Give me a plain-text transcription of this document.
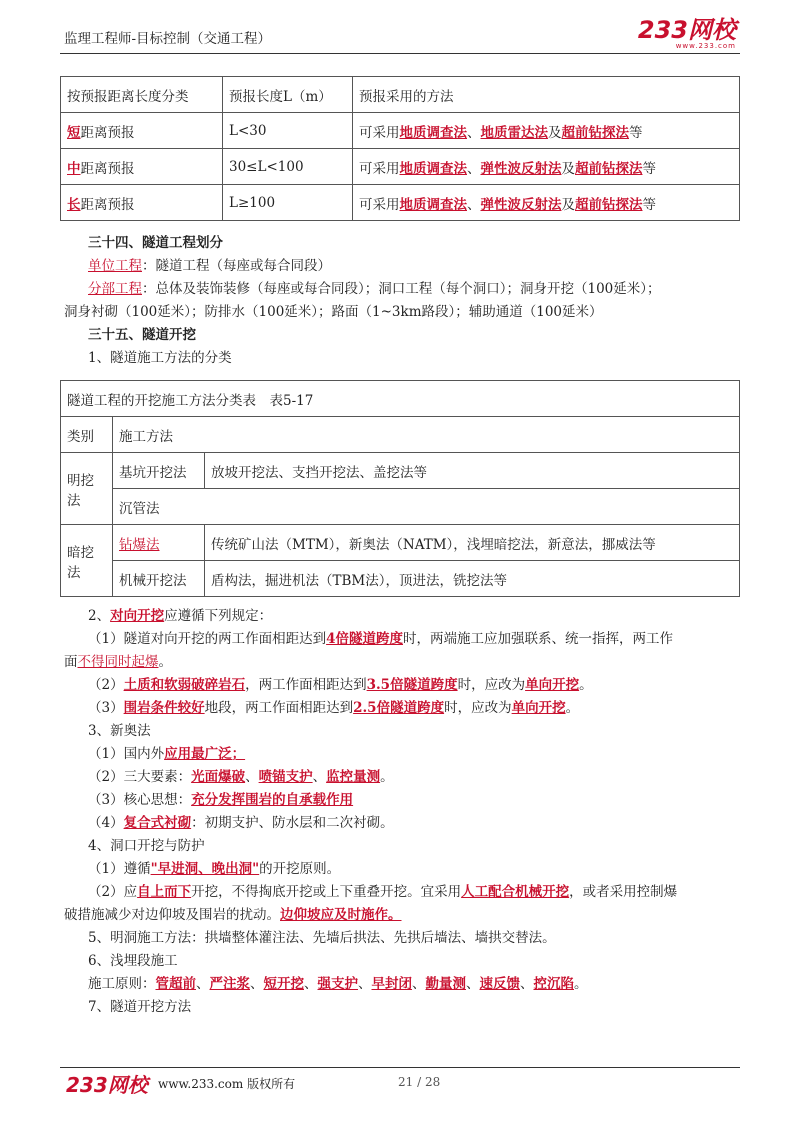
监理工程师-目标控制（交通工程）	233网校
www.233.com
按预报距离长度分类	预报长度L（m）	预报采用的方法
短距离预报	L<30	可采用地质调查法、地质雷达法及超前钻探法等
中距离预报	30≤L<100	可采用地质调查法、弹性波反射法及超前钻探法等
长距离预报	L≥100	可采用地质调查法、弹性波反射法及超前钻探法等
三十四、隧道工程划分
单位工程：隧道工程（每座或每合同段）
分部工程：总体及装饰装修（每座或每合同段）；洞口工程（每个洞口）；洞身开挖（100延米）；
洞身衬砌（100延米）；防排水（100延米）；路面（1~3km路段）；辅助通道（100延米）
三十五、隧道开挖
1、隧道施工方法的分类
隧道工程的开挖施工方法分类表　表5-17		
类别	施工方法	
明挖法	基坑开挖法	放坡开挖法、支挡开挖法、盖挖法等
	沉管法	
暗挖法	钻爆法	传统矿山法（MTM），新奥法（NATM），浅埋暗挖法，新意法，挪威法等
	机械开挖法	盾构法，掘进机法（TBM法），顶进法，铣挖法等
2、对向开挖应遵循下列规定：
（1）隧道对向开挖的两工作面相距达到4倍隧道跨度时，两端施工应加强联系、统一指挥，两工作
面不得同时起爆。
（2）土质和软弱破碎岩石，两工作面相距达到3.5倍隧道跨度时，应改为单向开挖。
（3）围岩条件较好地段，两工作面相距达到2.5倍隧道跨度时，应改为单向开挖。
3、新奥法
（1）国内外应用最广泛；
（2）三大要素：光面爆破、喷锚支护、监控量测。
（3）核心思想：充分发挥围岩的自承载作用
（4）复合式衬砌：初期支护、防水层和二次衬砌。
4、洞口开挖与防护
（1）遵循"早进洞、晚出洞"的开挖原则。
（2）应自上而下开挖，不得掏底开挖或上下重叠开挖。宜采用人工配合机械开挖，或者采用控制爆
破措施减少对边仰坡及围岩的扰动。边仰坡应及时施作。
5、明洞施工方法：拱墙整体灌注法、先墙后拱法、先拱后墙法、墙拱交替法。
6、浅埋段施工
施工原则：管超前、严注浆、短开挖、强支护、早封闭、勤量测、速反馈、控沉陷。
7、隧道开挖方法
233网校 www.233.com 版权所有	21 / 28
